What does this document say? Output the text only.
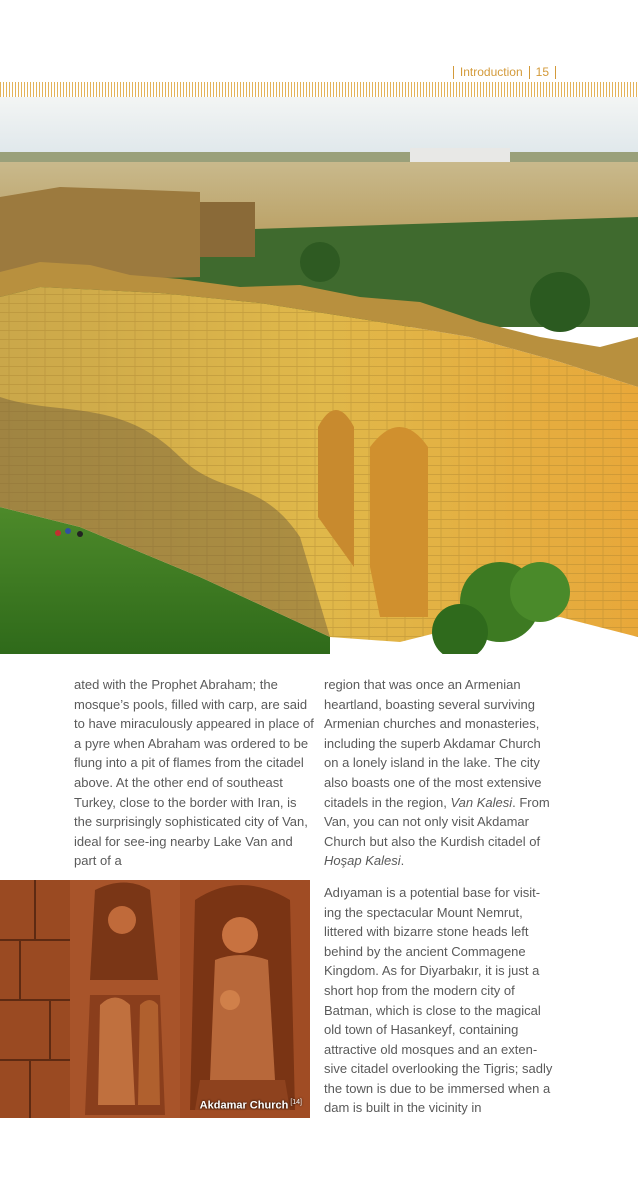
Introduction 15

ated with the Prophet Abraham; the mosque’s pools, filled with carp, are said to have miraculously appeared in place of a pyre when Abraham was ordered to be flung into a pit of flames from the citadel above. At the other end of southeast Turkey, close to the border with Iran, is the surprisingly sophisticated city of Van, ideal for see-ing nearby Lake Van and part of a

region that was once an Armenian heartland, boasting several surviving Armenian churches and monasteries, including the superb Akdamar Church on a lonely island in the lake. The city also boasts one of the most extensive citadels in the region, Van Kalesi. From Van, you can not only visit Akdamar Church but also the Kurdish citadel of Hoşap Kalesi.

Adıyaman is a potential base for visit-ing the spectacular Mount Nemrut, littered with bizarre stone heads left behind by the ancient Commagene Kingdom. As for Diyarbakır, it is just a short hop from the modern city of Batman, which is close to the magical old town of Hasankeyf, containing attractive old mosques and an exten-sive citadel overlooking the Tigris; sadly the town is due to be immersed when a dam is built in the vicinity in

Akdamar Church [14]
